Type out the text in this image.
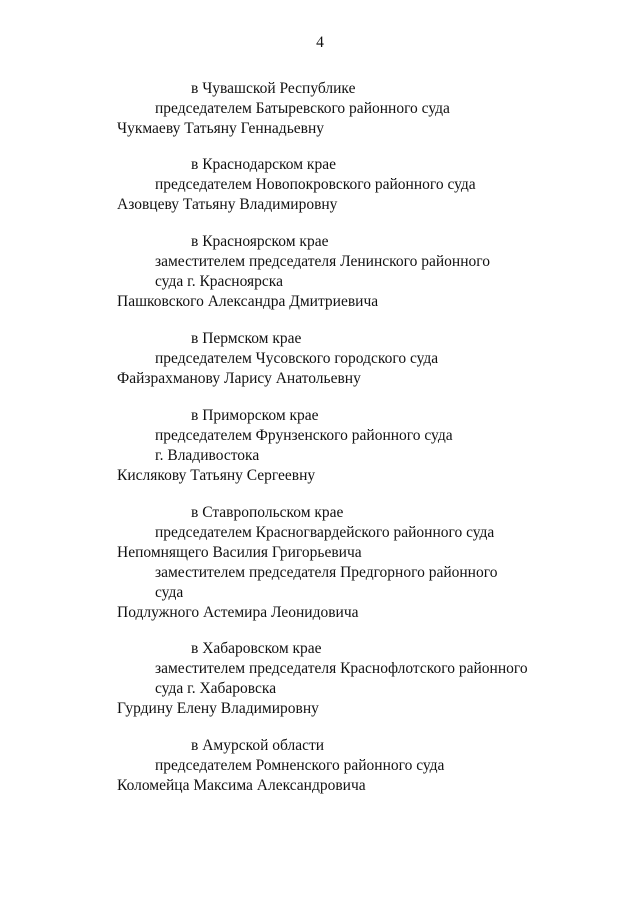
4
в Чувашской Республике
председателем Батыревского районного суда
Чукмаеву Татьяну Геннадьевну
в Краснодарском крае
председателем Новопокровского районного суда
Азовцеву Татьяну Владимировну
в Красноярском крае
заместителем председателя Ленинского районного
суда г. Красноярска
Пашковского Александра Дмитриевича
в Пермском крае
председателем Чусовского городского суда
Файзрахманову Ларису Анатольевну
в Приморском крае
председателем Фрунзенского районного суда
г. Владивостока
Кислякову Татьяну Сергеевну
в Ставропольском крае
председателем Красногвардейского районного суда
Непомнящего Василия Григорьевича
заместителем председателя Предгорного районного
суда
Подлужного Астемира Леонидовича
в Хабаровском крае
заместителем председателя Краснофлотского районного
суда г. Хабаровска
Гурдину Елену Владимировну
в Амурской области
председателем Ромненского районного суда
Коломейца Максима Александровича
